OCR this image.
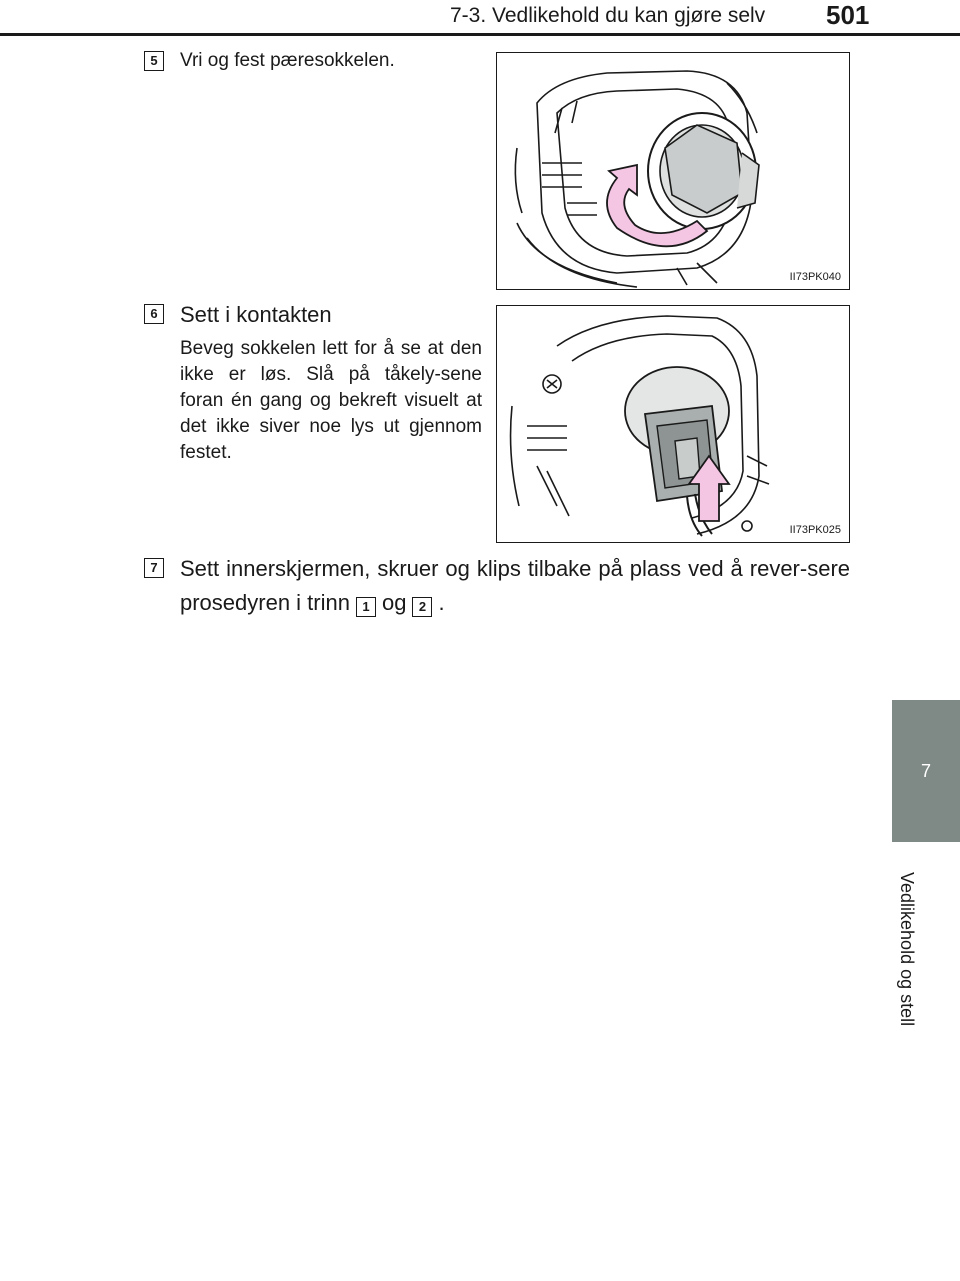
7-3. Vedlikehold du kan gjøre selv 501
7
Vedlikehold og stell
5	Vri og fest pæresokkelen.
II73PK040
6 Sett i kontakten
Beveg sokkelen lett for å se at den ikke er løs. Slå på tåkely-sene foran én gang og bekreft visuelt at det ikke siver noe lys ut gjennom festet.
II73PK025
7 Sett innerskjermen, skruer og klips tilbake på plass ved å rever-sere prosedyren i trinn 1 og 2 .
